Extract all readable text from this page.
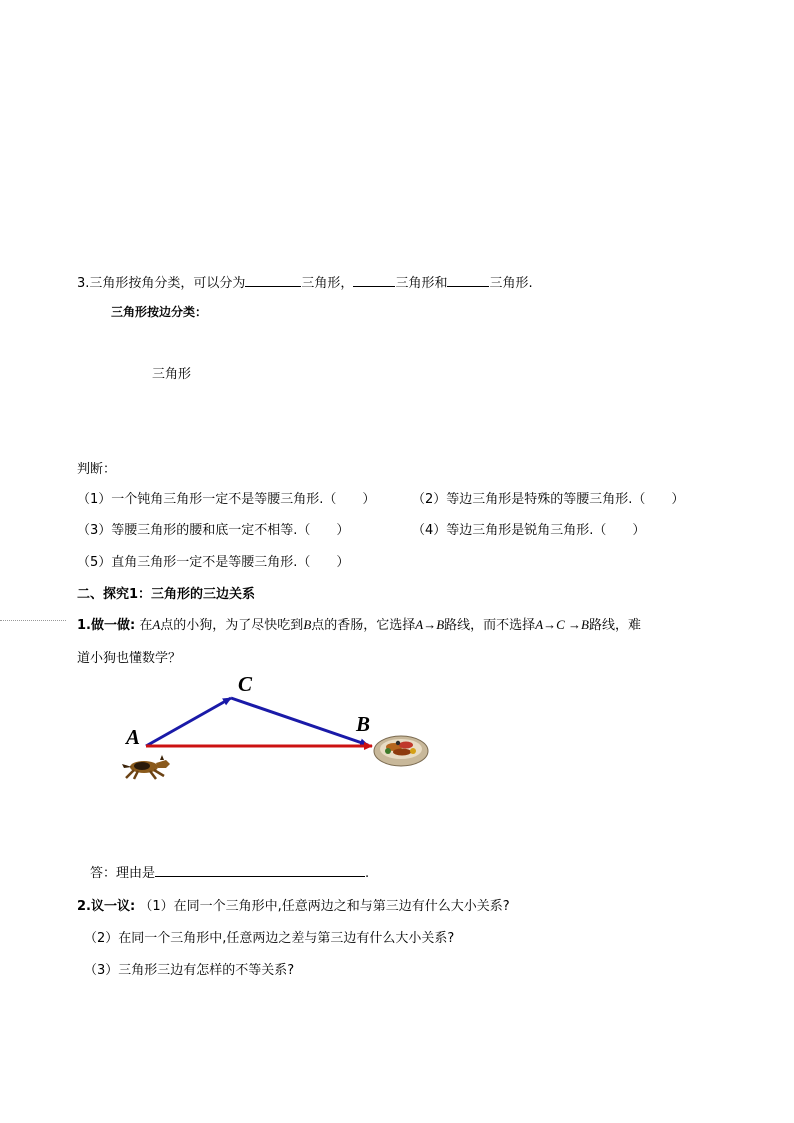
3.三角形按角分类，可以分为	三角形，	三角形和	三角形.
三角形按边分类：
三角形
判断：
（1）一个钝角三角形一定不是等腰三角形.（　　）	（2）等边三角形是特殊的等腰三角形.（　　）
（3）等腰三角形的腰和底一定不相等.（　　）	（4）等边三角形是锐角三角形.（　　）
（5）直角三角形一定不是等腰三角形.（　　）
二、探究1：三角形的三边关系
1.做一做: 在A点的小狗，为了尽快吃到B点的香肠，它选择A→B路线，而不选择A→C →B路线，难
道小狗也懂数学？
A
C
B
答：理由是	.
2.议一议: （1）在同一个三角形中,任意两边之和与第三边有什么大小关系?
（2）在同一个三角形中,任意两边之差与第三边有什么大小关系?
（3）三角形三边有怎样的不等关系?
